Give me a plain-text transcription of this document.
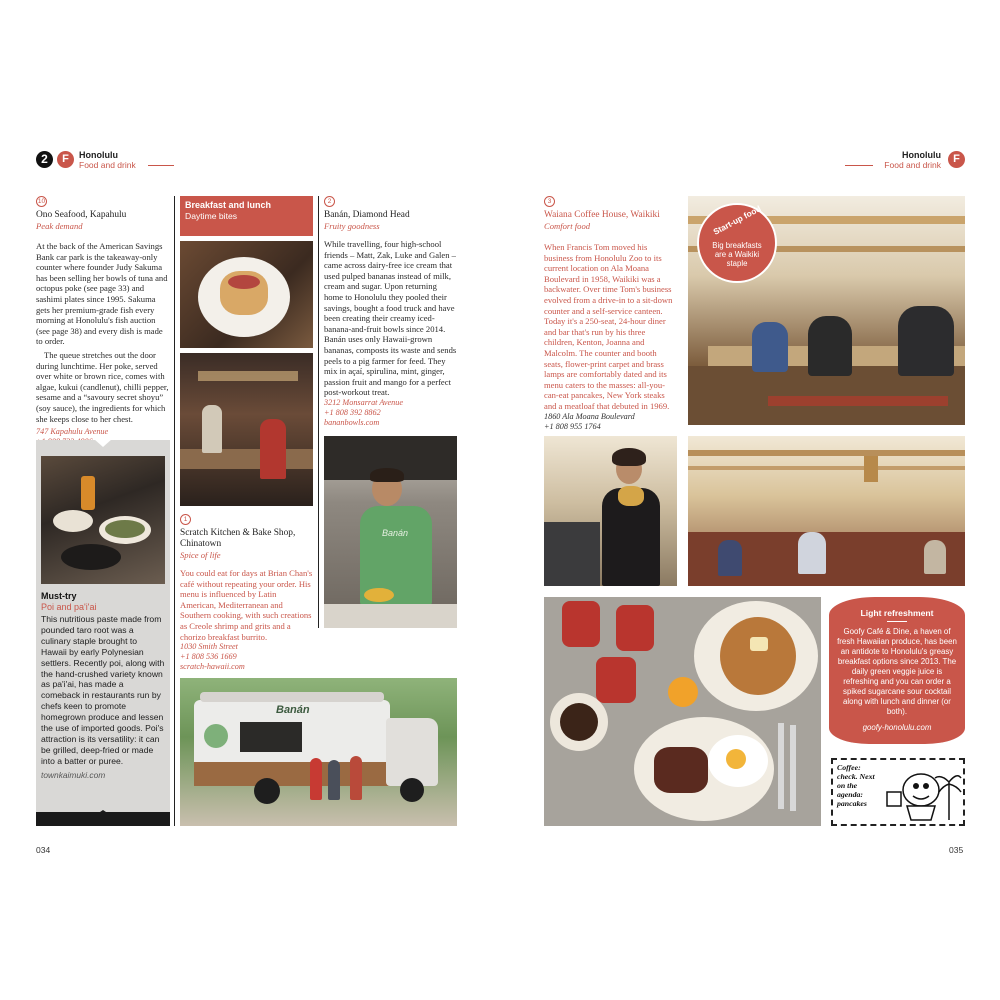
2	F	Honolulu
Food and drink
Honolulu
Food and drink	F
10
Ono Seafood, Kapahulu
Peak demand

At the back of the American Savings Bank car park is the takeaway-only counter where founder Judy Sakuma has been selling her bowls of tuna and octopus poke (see page 33) and sashimi plates since 1995. Sakuma gets her premium-grade fish every morning at Honolulu's fish auction (see page 38) and every dish is made to order.

The queue stretches out the door during lunchtime. Her poke, served over white or brown rice, comes with algae, kukui (candlenut), chilli pepper, sesame and a “savoury secret shoyu” (soy sauce), the ingredients for which she keeps close to her chest.

747 Kapahulu Avenue
Must-try
Poi and pa'i'ai
This nutritious paste made from pounded taro root was a culinary staple brought to Hawaii by early Polynesian settlers. Recently poi, along with the hand-crushed variety known as pa'i'ai, has made a comeback in restaurants run by chefs keen to promote homegrown produce and lessen the use of imported goods. Poi's attraction is its versatility: it can be grilled, deep-fried or made into a batter or puree.
townkaimuki.com
Breakfast and lunch
Daytime bites
1
Scratch Kitchen & Bake Shop, Chinatown
Spice of life
You could eat for days at Brian Chan's café without repeating your order. His menu is influenced by Latin American, Mediterranean and Southern cooking, with such creations as Creole shrimp and grits and a chorizo breakfast burrito.
1030 Smith Street
+1 808 536 1669
scratch-hawaii.com
2
Banán, Diamond Head
Fruity goodness
While travelling, four high-school friends – Matt, Zak, Luke and Galen – came across dairy-free ice cream that used pulped bananas instead of milk, cream and sugar. Upon returning home to Honolulu they pooled their savings, bought a food truck and have been creating their creamy iced-banana-and-fruit bowls since 2014. Banán uses only Hawaii-grown bananas, composts its waste and sends peels to a pig farmer for feed. They mix in açaí, spirulina, mint, ginger, passion fruit and mango for a perfect post-workout treat.
3212 Monsarrat Avenue
+1 808 392 8862
bananbowls.com
Banán
Banán
3
Waiana Coffee House, Waikiki
Comfort food
When Francis Tom moved his business from Honolulu Zoo to its current location on Ala Moana Boulevard in 1958, Waikiki was a backwater. Over time Tom's business evolved from a drive-in to a sit-down counter and a self-service canteen. Today it's a 250-seat, 24-hour diner and bar that's run by his three children, Kenton, Joanna and Malcolm. The counter and booth seats, flower-print carpet and brass lamps are comfortably dated and its menu caters to the masses: all-you-can-eat pancakes, New York steaks and a meatloaf that debuted in 1969.
1860 Ala Moana Boulevard
+1 808 955 1764
Start-up food
Big breakfasts are a Waikiki staple
Light refreshment
Goofy Café & Dine, a haven of fresh Hawaiian produce, has been an antidote to Honolulu's greasy breakfast options since 2013. The daily green veggie juice is refreshing and you can order a spiked sugarcane sour cocktail along with lunch and dinner (or both).
goofy-honolulu.com
Coffee: check. Next on the agenda: pancakes
034	035
